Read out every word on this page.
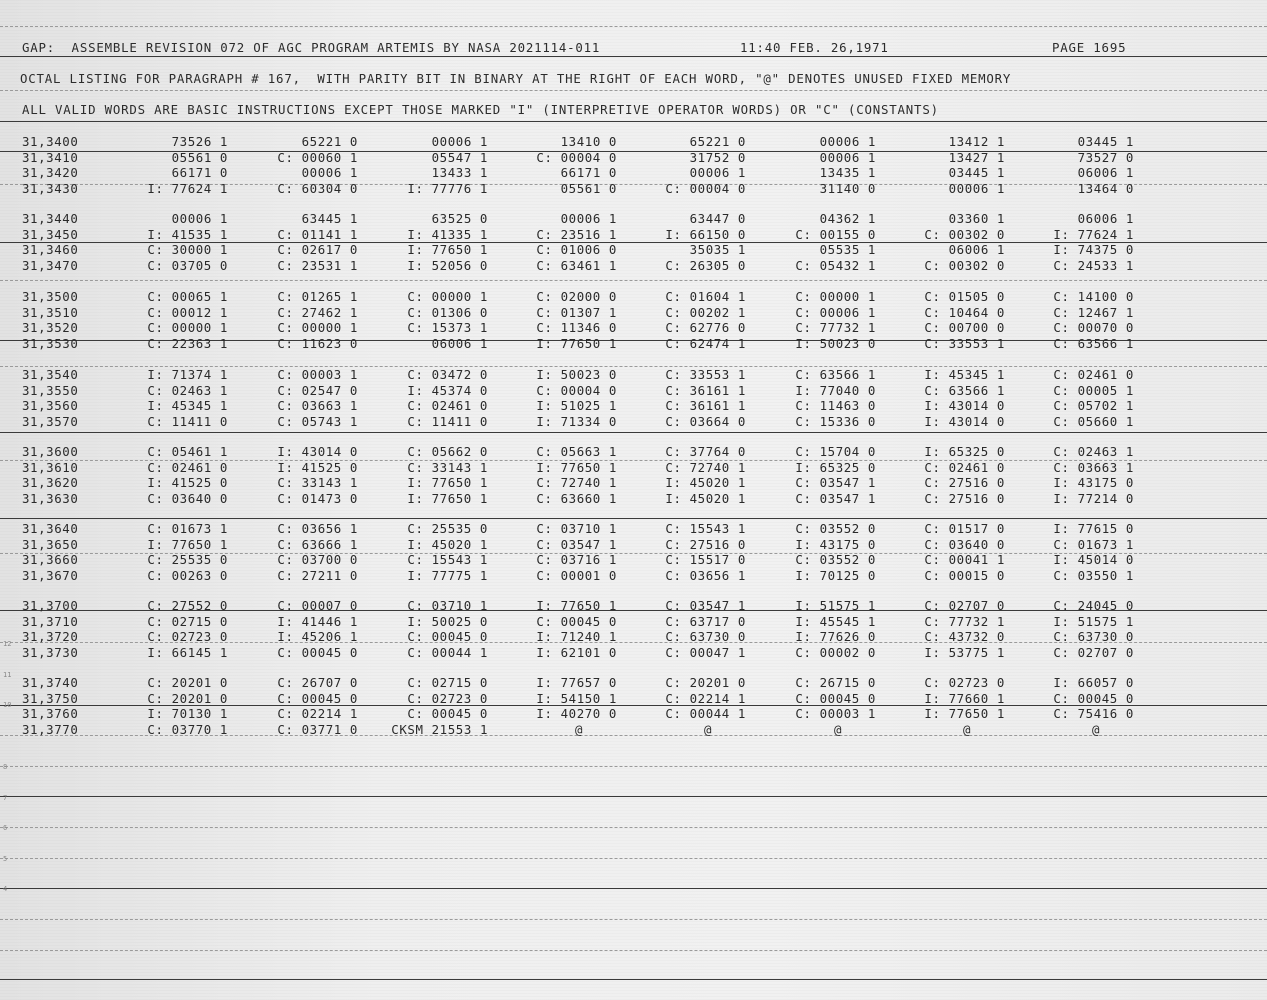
GAP:  ASSEMBLE REVISION 072 OF AGC PROGRAM ARTEMIS BY NASA 2021114-011	11:40 FEB. 26,1971	PAGE 1695
OCTAL LISTING FOR PARAGRAPH # 167,  WITH PARITY BIT IN BINARY AT THE RIGHT OF EACH WORD, "@" DENOTES UNUSED FIXED MEMORY
ALL VALID WORDS ARE BASIC INSTRUCTIONS EXCEPT THOSE MARKED "I" (INTERPRETIVE OPERATOR WORDS) OR "C" (CONSTANTS)
12
11
10
8
7
6
5
4
31,3400	73526 1	65221 0	00006 1	13410 0	65221 0	00006 1	13412 1	03445 1
31,3410	05561 0	C: 00060 1	05547 1	C: 00004 0	31752 0	00006 1	13427 1	73527 0
31,3420	66171 0	00006 1	13433 1	66171 0	00006 1	13435 1	03445 1	06006 1
31,3430	I: 77624 1	C: 60304 0	I: 77776 1	05561 0	C: 00004 0	31140 0	00006 1	13464 0
31,3440	00006 1	63445 1	63525 0	00006 1	63447 0	04362 1	03360 1	06006 1
31,3450	I: 41535 1	C: 01141 1	I: 41335 1	C: 23516 1	I: 66150 0	C: 00155 0	C: 00302 0	I: 77624 1
31,3460	C: 30000 1	C: 02617 0	I: 77650 1	C: 01006 0	35035 1	05535 1	06006 1	I: 74375 0
31,3470	C: 03705 0	C: 23531 1	I: 52056 0	C: 63461 1	C: 26305 0	C: 05432 1	C: 00302 0	C: 24533 1
31,3500	C: 00065 1	C: 01265 1	C: 00000 1	C: 02000 0	C: 01604 1	C: 00000 1	C: 01505 0	C: 14100 0
31,3510	C: 00012 1	C: 27462 1	C: 01306 0	C: 01307 1	C: 00202 1	C: 00006 1	C: 10464 0	C: 12467 1
31,3520	C: 00000 1	C: 00000 1	C: 15373 1	C: 11346 0	C: 62776 0	C: 77732 1	C: 00700 0	C: 00070 0
31,3530	C: 22363 1	C: 11623 0	06006 1	I: 77650 1	C: 62474 1	I: 50023 0	C: 33553 1	C: 63566 1
31,3540	I: 71374 1	C: 00003 1	C: 03472 0	I: 50023 0	C: 33553 1	C: 63566 1	I: 45345 1	C: 02461 0
31,3550	C: 02463 1	C: 02547 0	I: 45374 0	C: 00004 0	C: 36161 1	I: 77040 0	C: 63566 1	C: 00005 1
31,3560	I: 45345 1	C: 03663 1	C: 02461 0	I: 51025 1	C: 36161 1	C: 11463 0	I: 43014 0	C: 05702 1
31,3570	C: 11411 0	C: 05743 1	C: 11411 0	I: 71334 0	C: 03664 0	C: 15336 0	I: 43014 0	C: 05660 1
31,3600	C: 05461 1	I: 43014 0	C: 05662 0	C: 05663 1	C: 37764 0	C: 15704 0	I: 65325 0	C: 02463 1
31,3610	C: 02461 0	I: 41525 0	C: 33143 1	I: 77650 1	C: 72740 1	I: 65325 0	C: 02461 0	C: 03663 1
31,3620	I: 41525 0	C: 33143 1	I: 77650 1	C: 72740 1	I: 45020 1	C: 03547 1	C: 27516 0	I: 43175 0
31,3630	C: 03640 0	C: 01473 0	I: 77650 1	C: 63660 1	I: 45020 1	C: 03547 1	C: 27516 0	I: 77214 0
31,3640	C: 01673 1	C: 03656 1	C: 25535 0	C: 03710 1	C: 15543 1	C: 03552 0	C: 01517 0	I: 77615 0
31,3650	I: 77650 1	C: 63666 1	I: 45020 1	C: 03547 1	C: 27516 0	I: 43175 0	C: 03640 0	C: 01673 1
31,3660	C: 25535 0	C: 03700 0	C: 15543 1	C: 03716 1	C: 15517 0	C: 03552 0	C: 00041 1	I: 45014 0
31,3670	C: 00263 0	C: 27211 0	I: 77775 1	C: 00001 0	C: 03656 1	I: 70125 0	C: 00015 0	C: 03550 1
31,3700	C: 27552 0	C: 00007 0	C: 03710 1	I: 77650 1	C: 03547 1	I: 51575 1	C: 02707 0	C: 24045 0
31,3710	C: 02715 0	I: 41446 1	I: 50025 0	C: 00045 0	C: 63717 0	I: 45545 1	C: 77732 1	I: 51575 1
31,3720	C: 02723 0	I: 45206 1	C: 00045 0	I: 71240 1	C: 63730 0	I: 77626 0	C: 43732 0	C: 63730 0
31,3730	I: 66145 1	C: 00045 0	C: 00044 1	I: 62101 0	C: 00047 1	C: 00002 0	I: 53775 1	C: 02707 0
31,3740	C: 20201 0	C: 26707 0	C: 02715 0	I: 77657 0	C: 20201 0	C: 26715 0	C: 02723 0	I: 66057 0
31,3750	C: 20201 0	C: 00045 0	C: 02723 0	I: 54150 1	C: 02214 1	C: 00045 0	I: 77660 1	C: 00045 0
31,3760	I: 70130 1	C: 02214 1	C: 00045 0	I: 40270 0	C: 00044 1	C: 00003 1	I: 77650 1	C: 75416 0
31,3770	C: 03770 1	C: 03771 0	CKSM 21553 1	@	@	@	@	@
